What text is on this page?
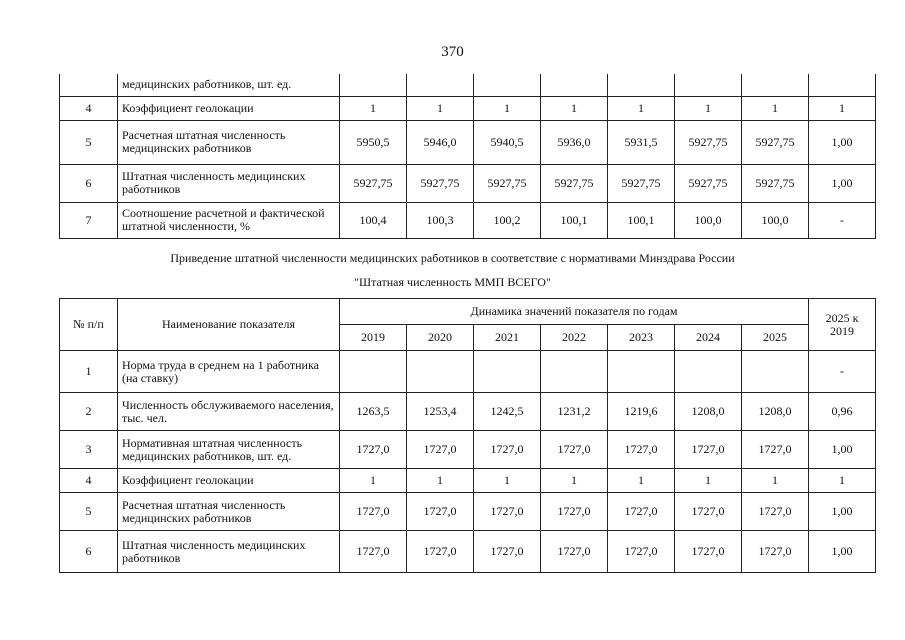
370
	медицинских работников, шт. ед.								
4	Коэффициент геолокации	1	1	1	1	1	1	1	1
5	Расчетная штатная численность медицинских работников	5950,5	5946,0	5940,5	5936,0	5931,5	5927,75	5927,75	1,00
6	Штатная численность медицинских работников	5927,75	5927,75	5927,75	5927,75	5927,75	5927,75	5927,75	1,00
7	Соотношение расчетной и фактической штатной численности, %	100,4	100,3	100,2	100,1	100,1	100,0	100,0	-
Приведение штатной численности медицинских работников в соответствие с нормативами Минздрава России
"Штатная численность ММП ВСЕГО"
№ п/п	Наименование показателя	Динамика значений показателя по годам							2025 к 2019
		2019	2020	2021	2022	2023	2024	2025	
1	Норма труда в среднем на 1 работника (на ставку)								-
2	Численность обслуживаемого населения, тыс. чел.	1263,5	1253,4	1242,5	1231,2	1219,6	1208,0	1208,0	0,96
3	Нормативная штатная численность медицинских работников, шт. ед.	1727,0	1727,0	1727,0	1727,0	1727,0	1727,0	1727,0	1,00
4	Коэффициент геолокации	1	1	1	1	1	1	1	1
5	Расчетная штатная численность медицинских работников	1727,0	1727,0	1727,0	1727,0	1727,0	1727,0	1727,0	1,00
6	Штатная численность медицинских работников	1727,0	1727,0	1727,0	1727,0	1727,0	1727,0	1727,0	1,00
